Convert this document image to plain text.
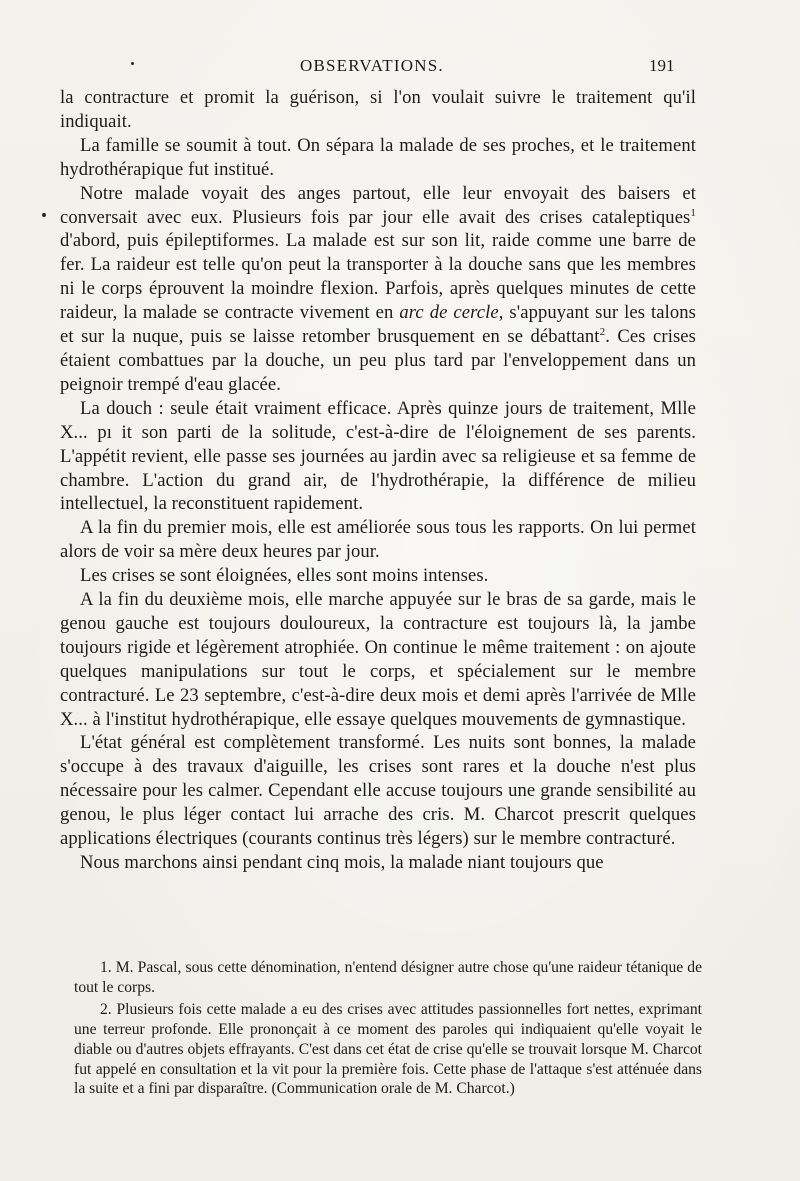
OBSERVATIONS.	191

la contracture et promit la guérison, si l'on voulait suivre le traitement qu'il indiquait.

La famille se soumit à tout. On sépara la malade de ses proches, et le traitement hydrothérapique fut institué.

Notre malade voyait des anges partout, elle leur envoyait des baisers et conversait avec eux. Plusieurs fois par jour elle avait des crises cataleptiques$^1$ d'abord, puis épileptiformes. La malade est sur son lit, raide comme une barre de fer. La raideur est telle qu'on peut la transporter à la douche sans que les membres ni le corps éprouvent la moindre flexion. Parfois, après quelques minutes de cette raideur, la malade se contracte vivement en arc de cercle, s'appuyant sur les talons et sur la nuque, puis se laisse retomber brusquement en se débattant$^2$. Ces crises étaient combattues par la douche, un peu plus tard par l'enveloppement dans un peignoir trempé d'eau glacée.

La douch : seule était vraiment efficace. Après quinze jours de traitement, Mlle X... pı it son parti de la solitude, c'est-à-dire de l'éloignement de ses parents. L'appétit revient, elle passe ses journées au jardin avec sa religieuse et sa femme de chambre. L'action du grand air, de l'hydrothérapie, la différence de milieu intellectuel, la reconstituent rapidement.

A la fin du premier mois, elle est améliorée sous tous les rapports. On lui permet alors de voir sa mère deux heures par jour.

Les crises se sont éloignées, elles sont moins intenses.

A la fin du deuxième mois, elle marche appuyée sur le bras de sa garde, mais le genou gauche est toujours douloureux, la contracture est toujours là, la jambe toujours rigide et légèrement atrophiée. On continue le même traitement : on ajoute quelques manipulations sur tout le corps, et spécialement sur le membre contracturé. Le 23 septembre, c'est-à-dire deux mois et demi après l'arrivée de Mlle X... à l'institut hydrothérapique, elle essaye quelques mouvements de gymnastique.

L'état général est complètement transformé. Les nuits sont bonnes, la malade s'occupe à des travaux d'aiguille, les crises sont rares et la douche n'est plus nécessaire pour les calmer. Cependant elle accuse toujours une grande sensibilité au genou, le plus léger contact lui arrache des cris. M. Charcot prescrit quelques applications électriques (courants continus très légers) sur le membre contracturé.

Nous marchons ainsi pendant cinq mois, la malade niant toujours que

1. M. Pascal, sous cette dénomination, n'entend désigner autre chose qu'une raideur tétanique de tout le corps.

2. Plusieurs fois cette malade a eu des crises avec attitudes passionnelles fort nettes, exprimant une terreur profonde. Elle prononçait à ce moment des paroles qui indiquaient qu'elle voyait le diable ou d'autres objets effrayants. C'est dans cet état de crise qu'elle se trouvait lorsque M. Charcot fut appelé en consultation et la vit pour la première fois. Cette phase de l'attaque s'est atténuée dans la suite et a fini par disparaître. (Communication orale de M. Charcot.)
